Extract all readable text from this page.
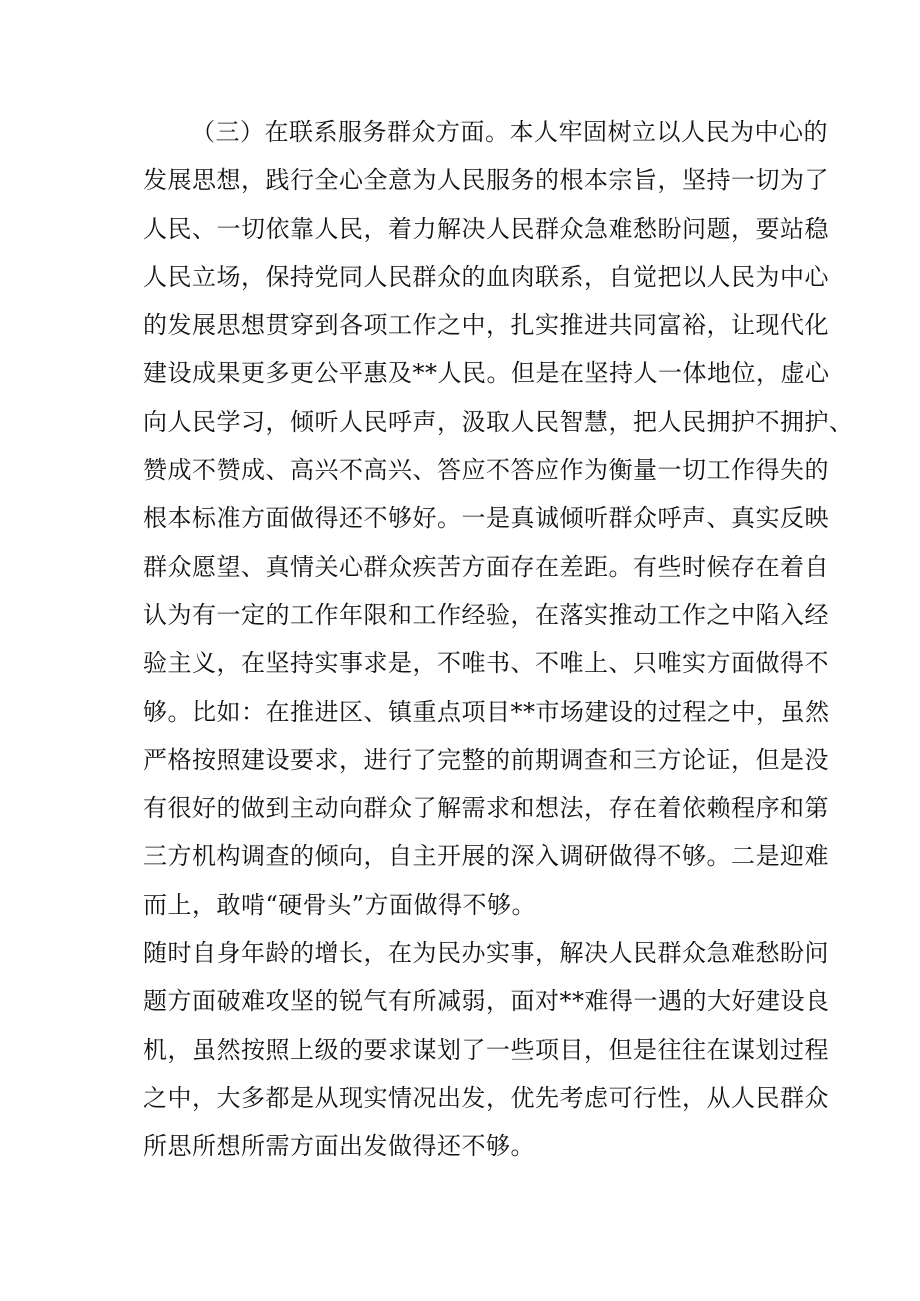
（三）在联系服务群众方面。本人牢固树立以人民为中心的
发展思想，践行全心全意为人民服务的根本宗旨，坚持一切为了
人民、一切依靠人民，着力解决人民群众急难愁盼问题，要站稳
人民立场，保持党同人民群众的血肉联系，自觉把以人民为中心
的发展思想贯穿到各项工作之中，扎实推进共同富裕，让现代化
建设成果更多更公平惠及**人民。但是在坚持人一体地位，虚心
向人民学习，倾听人民呼声，汲取人民智慧，把人民拥护不拥护、
赞成不赞成、高兴不高兴、答应不答应作为衡量一切工作得失的
根本标准方面做得还不够好。一是真诚倾听群众呼声、真实反映
群众愿望、真情关心群众疾苦方面存在差距。有些时候存在着自
认为有一定的工作年限和工作经验，在落实推动工作之中陷入经
验主义，在坚持实事求是，不唯书、不唯上、只唯实方面做得不
够。比如：在推进区、镇重点项目**市场建设的过程之中，虽然
严格按照建设要求，进行了完整的前期调查和三方论证，但是没
有很好的做到主动向群众了解需求和想法，存在着依赖程序和第
三方机构调查的倾向，自主开展的深入调研做得不够。二是迎难
而上，敢啃“硬骨头”方面做得不够。
随时自身年龄的增长，在为民办实事，解决人民群众急难愁盼问
题方面破难攻坚的锐气有所减弱，面对**难得一遇的大好建设良
机，虽然按照上级的要求谋划了一些项目，但是往往在谋划过程
之中，大多都是从现实情况出发，优先考虑可行性，从人民群众
所思所想所需方面出发做得还不够。
